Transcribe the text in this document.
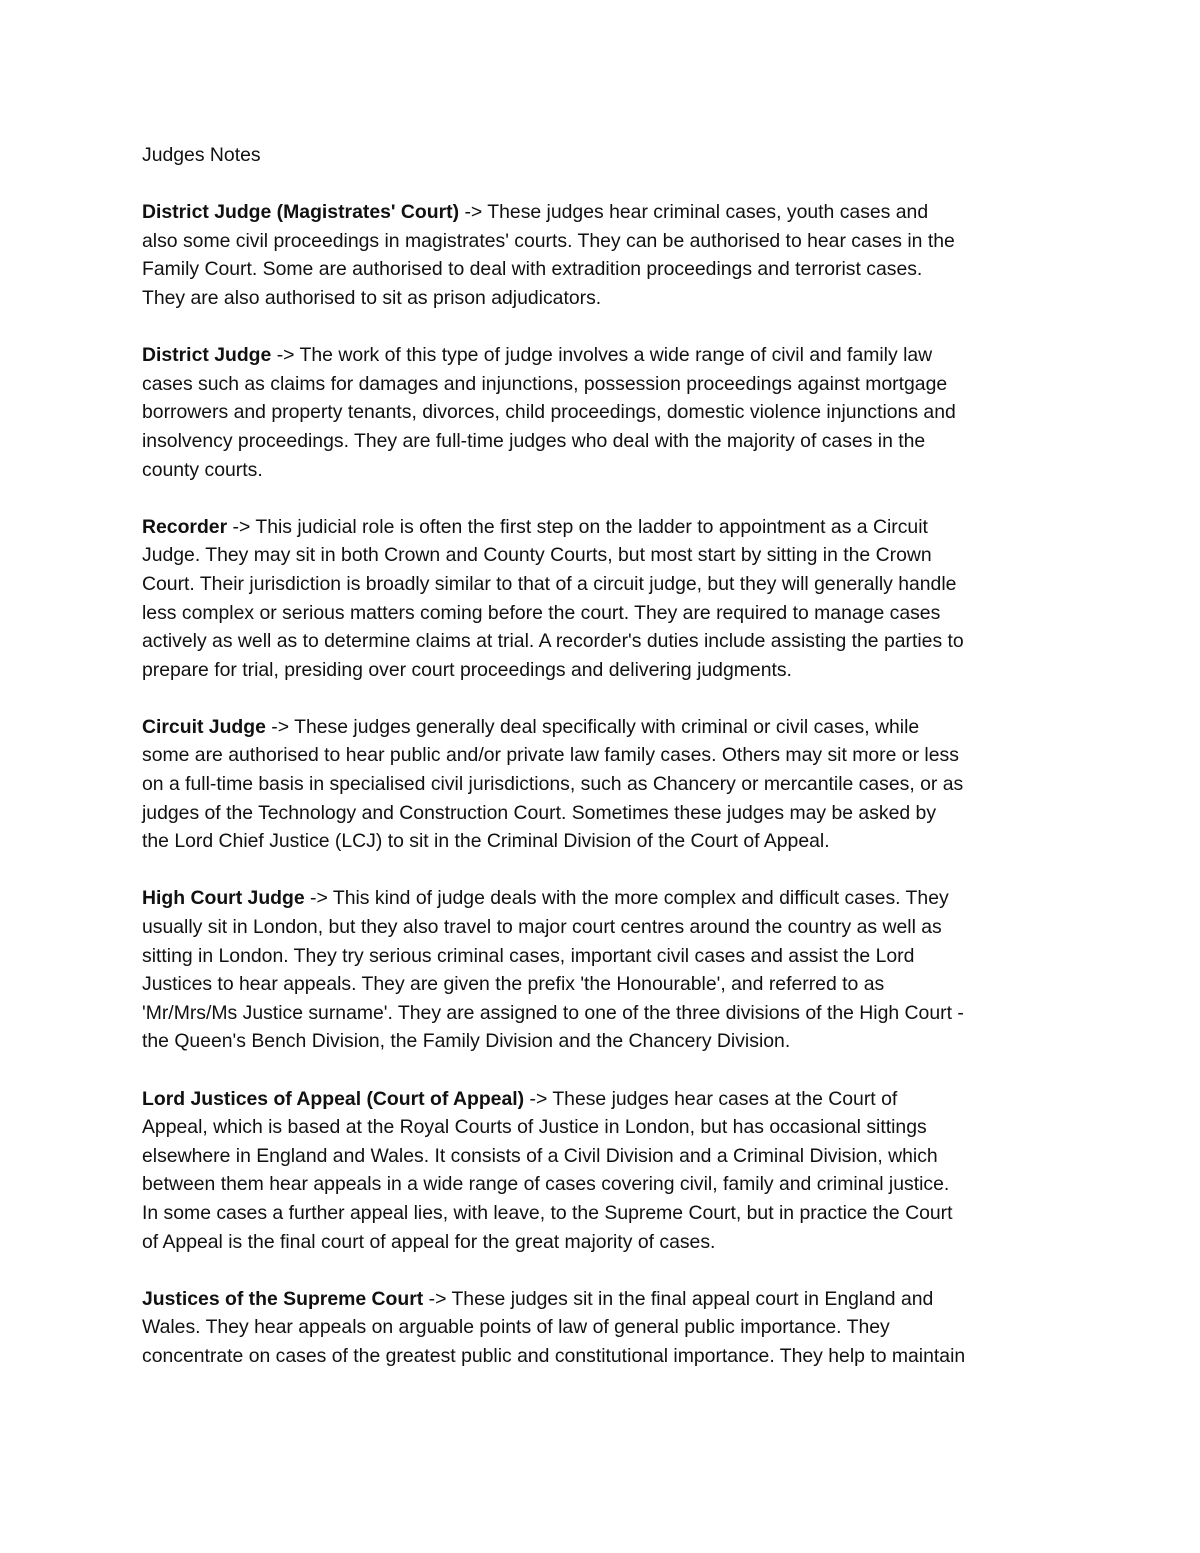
Judges Notes

District Judge (Magistrates' Court) -> These judges hear criminal cases, youth cases and
also some civil proceedings in magistrates' courts. They can be authorised to hear cases in the
Family Court. Some are authorised to deal with extradition proceedings and terrorist cases.
They are also authorised to sit as prison adjudicators.

District Judge -> The work of this type of judge involves a wide range of civil and family law
cases such as claims for damages and injunctions, possession proceedings against mortgage
borrowers and property tenants, divorces, child proceedings, domestic violence injunctions and
insolvency proceedings. They are full-time judges who deal with the majority of cases in the
county courts.

Recorder -> This judicial role is often the first step on the ladder to appointment as a Circuit
Judge. They may sit in both Crown and County Courts, but most start by sitting in the Crown
Court. Their jurisdiction is broadly similar to that of a circuit judge, but they will generally handle
less complex or serious matters coming before the court. They are required to manage cases
actively as well as to determine claims at trial. A recorder's duties include assisting the parties to
prepare for trial, presiding over court proceedings and delivering judgments.

Circuit Judge -> These judges generally deal specifically with criminal or civil cases, while
some are authorised to hear public and/or private law family cases. Others may sit more or less
on a full-time basis in specialised civil jurisdictions, such as Chancery or mercantile cases, or as
judges of the Technology and Construction Court. Sometimes these judges may be asked by
the Lord Chief Justice (LCJ) to sit in the Criminal Division of the Court of Appeal.

High Court Judge -> This kind of judge deals with the more complex and difficult cases. They
usually sit in London, but they also travel to major court centres around the country as well as
sitting in London. They try serious criminal cases, important civil cases and assist the Lord
Justices to hear appeals. They are given the prefix 'the Honourable', and referred to as
'Mr/Mrs/Ms Justice surname'. They are assigned to one of the three divisions of the High Court -
the Queen's Bench Division, the Family Division and the Chancery Division.

Lord Justices of Appeal (Court of Appeal) -> These judges hear cases at the Court of
Appeal, which is based at the Royal Courts of Justice in London, but has occasional sittings
elsewhere in England and Wales. It consists of a Civil Division and a Criminal Division, which
between them hear appeals in a wide range of cases covering civil, family and criminal justice.
In some cases a further appeal lies, with leave, to the Supreme Court, but in practice the Court
of Appeal is the final court of appeal for the great majority of cases.

Justices of the Supreme Court -> These judges sit in the final appeal court in England and
Wales. They hear appeals on arguable points of law of general public importance. They
concentrate on cases of the greatest public and constitutional importance. They help to maintain
